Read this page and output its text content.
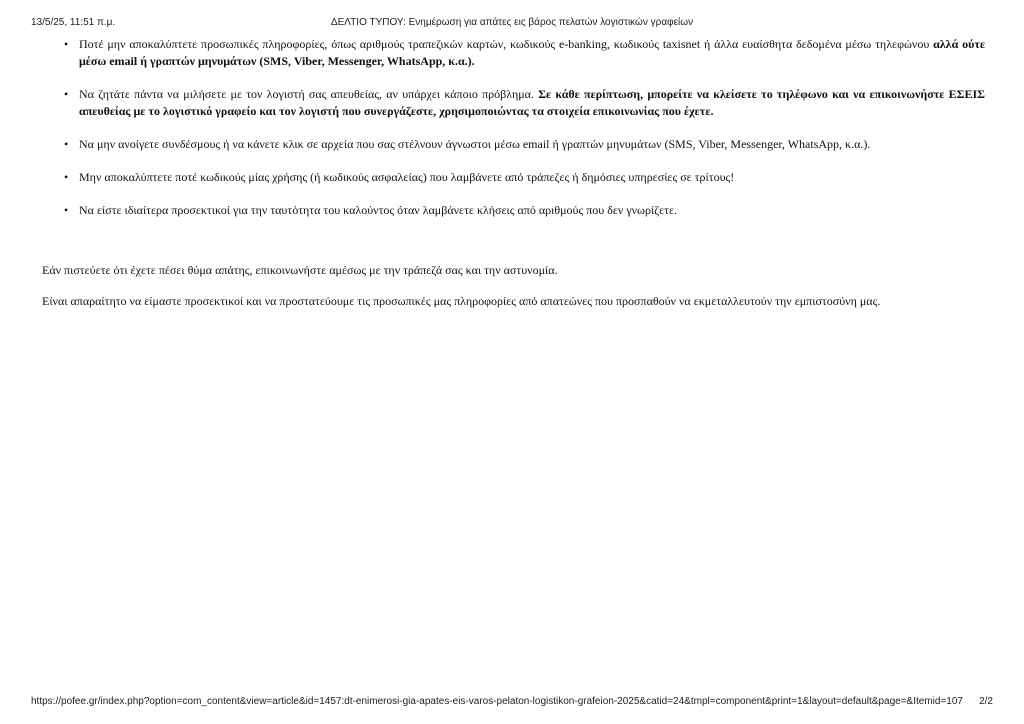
13/5/25, 11:51 π.μ.	ΔΕΛΤΙΟ ΤΥΠΟΥ: Ενημέρωση για απάτες εις βάρος πελατών λογιστικών γραφείων
• Ποτέ μην αποκαλύπτετε προσωπικές πληροφορίες, όπως αριθμούς τραπεζικών καρτών, κωδικούς e-banking, κωδικούς taxisnet ή άλλα ευαίσθητα δεδομένα μέσω τηλεφώνου αλλά ούτε μέσω email ή γραπτών μηνυμάτων (SMS, Viber, Messenger, WhatsApp, κ.α.).
• Να ζητάτε πάντα να μιλήσετε με τον λογιστή σας απευθείας, αν υπάρχει κάποιο πρόβλημα. Σε κάθε περίπτωση, μπορείτε να κλείσετε το τηλέφωνο και να επικοινωνήστε ΕΣΕΙΣ απευθείας με το λογιστικό γραφείο και τον λογιστή που συνεργάζεστε, χρησιμοποιώντας τα στοιχεία επικοινωνίας που έχετε.
• Να μην ανοίγετε συνδέσμους ή να κάνετε κλικ σε αρχεία που σας στέλνουν άγνωστοι μέσω email ή γραπτών μηνυμάτων (SMS, Viber, Messenger, WhatsApp, κ.α.).
• Μην αποκαλύπτετε ποτέ κωδικούς μίας χρήσης (ή κωδικούς ασφαλείας) που λαμβάνετε από τράπεζες ή δημόσιες υπηρεσίες σε τρίτους!
• Να είστε ιδιαίτερα προσεκτικοί για την ταυτότητα του καλούντος όταν λαμβάνετε κλήσεις από αριθμούς που δεν γνωρίζετε.

Εάν πιστεύετε ότι έχετε πέσει θύμα απάτης, επικοινωνήστε αμέσως με την τράπεζά σας και την αστυνομία.

Είναι απαραίτητο να είμαστε προσεκτικοί και να προστατεύουμε τις προσωπικές μας πληροφορίες από απατεώνες που προσπαθούν να εκμεταλλευτούν την εμπιστοσύνη μας.

https://pofee.gr/index.php?option=com_content&view=article&id=1457:dt-enimerosi-gia-apates-eis-varos-pelaton-logistikon-grafeion-2025&catid=24&tmpl=component&print=1&layout=default&page=&Itemid=107 2/2
